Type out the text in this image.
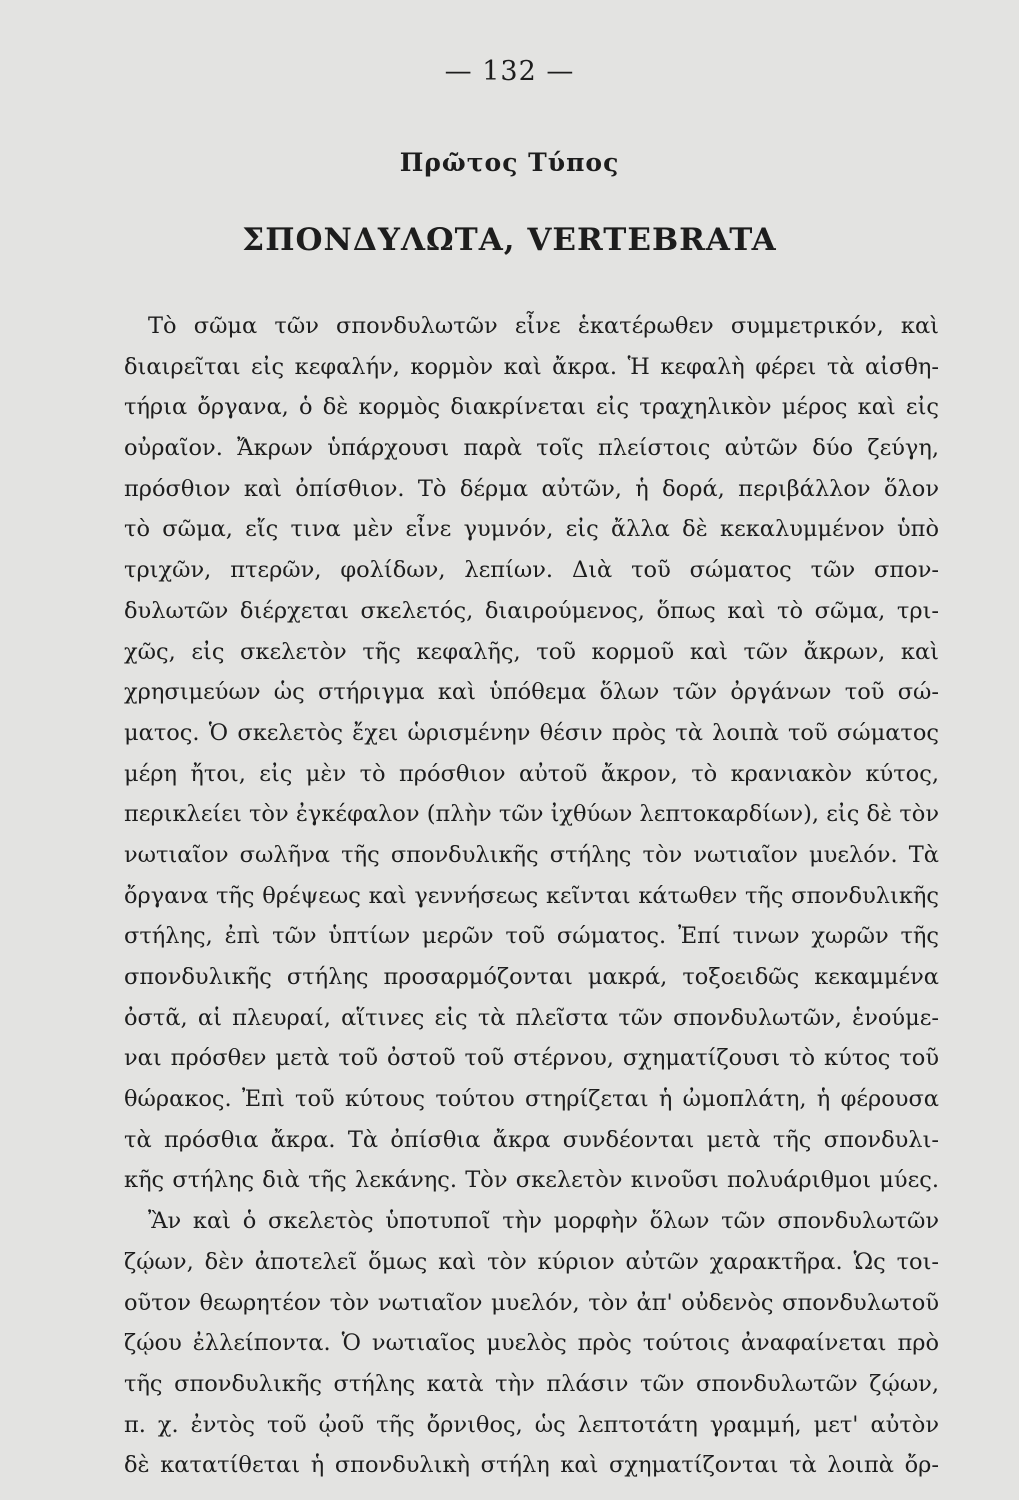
— 132 —
Πρῶτος Τύπος
ΣΠΟΝΔΥΛΩΤΑ, VERTEBRATA
Τὸ σῶμα τῶν σπονδυλωτῶν εἶνε ἑκατέρωθεν συμμετρικόν, καὶ
διαιρεῖται εἰς κεφαλήν, κορμὸν καὶ ἄκρα. Ἡ κεφαλὴ φέρει τὰ αἰσθη-
τήρια ὄργανα, ὁ δὲ κορμὸς διακρίνεται εἰς τραχηλικὸν μέρος καὶ εἰς
οὐραῖον. Ἄκρων ὑπάρχουσι παρὰ τοῖς πλείστοις αὐτῶν δύο ζεύγη,
πρόσθιον καὶ ὀπίσθιον. Τὸ δέρμα αὐτῶν, ἡ δορά, περιβάλλον ὅλον
τὸ σῶμα, εἴς τινα μὲν εἶνε γυμνόν, εἰς ἄλλα δὲ κεκαλυμμένον ὑπὸ
τριχῶν, πτερῶν, φολίδων, λεπίων. Διὰ τοῦ σώματος τῶν σπον-
δυλωτῶν διέρχεται σκελετός, διαιρούμενος, ὅπως καὶ τὸ σῶμα, τρι-
χῶς, εἰς σκελετὸν τῆς κεφαλῆς, τοῦ κορμοῦ καὶ τῶν ἄκρων, καὶ
χρησιμεύων ὡς στήριγμα καὶ ὑπόθεμα ὅλων τῶν ὀργάνων τοῦ σώ-
ματος. Ὁ σκελετὸς ἔχει ὡρισμένην θέσιν πρὸς τὰ λοιπὰ τοῦ σώματος
μέρη ἤτοι, εἰς μὲν τὸ πρόσθιον αὐτοῦ ἄκρον, τὸ κρανιακὸν κύτος,
περικλείει τὸν ἐγκέφαλον (πλὴν τῶν ἰχθύων λεπτοκαρδίων), εἰς δὲ τὸν
νωτιαῖον σωλῆνα τῆς σπονδυλικῆς στήλης τὸν νωτιαῖον μυελόν. Τὰ
ὄργανα τῆς θρέψεως καὶ γεννήσεως κεῖνται κάτωθεν τῆς σπονδυλικῆς
στήλης, ἐπὶ τῶν ὑπτίων μερῶν τοῦ σώματος. Ἐπί τινων χωρῶν τῆς
σπονδυλικῆς στήλης προσαρμόζονται μακρά, τοξοειδῶς κεκαμμένα
ὀστᾶ, αἱ πλευραί, αἵτινες εἰς τὰ πλεῖστα τῶν σπονδυλωτῶν, ἑνούμε-
ναι πρόσθεν μετὰ τοῦ ὀστοῦ τοῦ στέρνου, σχηματίζουσι τὸ κύτος τοῦ
θώρακος. Ἐπὶ τοῦ κύτους τούτου στηρίζεται ἡ ὠμοπλάτη, ἡ φέρουσα
τὰ πρόσθια ἄκρα. Τὰ ὀπίσθια ἄκρα συνδέονται μετὰ τῆς σπονδυλι-
κῆς στήλης διὰ τῆς λεκάνης. Τὸν σκελετὸν κινοῦσι πολυάριθμοι μύες.
Ἂν καὶ ὁ σκελετὸς ὑποτυποῖ τὴν μορφὴν ὅλων τῶν σπονδυλωτῶν
ζῴων, δὲν ἀποτελεῖ ὅμως καὶ τὸν κύριον αὐτῶν χαρακτῆρα. Ὡς τοι-
οῦτον θεωρητέον τὸν νωτιαῖον μυελόν, τὸν ἀπ' οὐδενὸς σπονδυλωτοῦ
ζῴου ἐλλείποντα. Ὁ νωτιαῖος μυελὸς πρὸς τούτοις ἀναφαίνεται πρὸ
τῆς σπονδυλικῆς στήλης κατὰ τὴν πλάσιν τῶν σπονδυλωτῶν ζῴων,
π. χ. ἐντὸς τοῦ ᾠοῦ τῆς ὄρνιθος, ὡς λεπτοτάτη γραμμή, μετ' αὐτὸν
δὲ κατατίθεται ἡ σπονδυλικὴ στήλη καὶ σχηματίζονται τὰ λοιπὰ ὄρ-
